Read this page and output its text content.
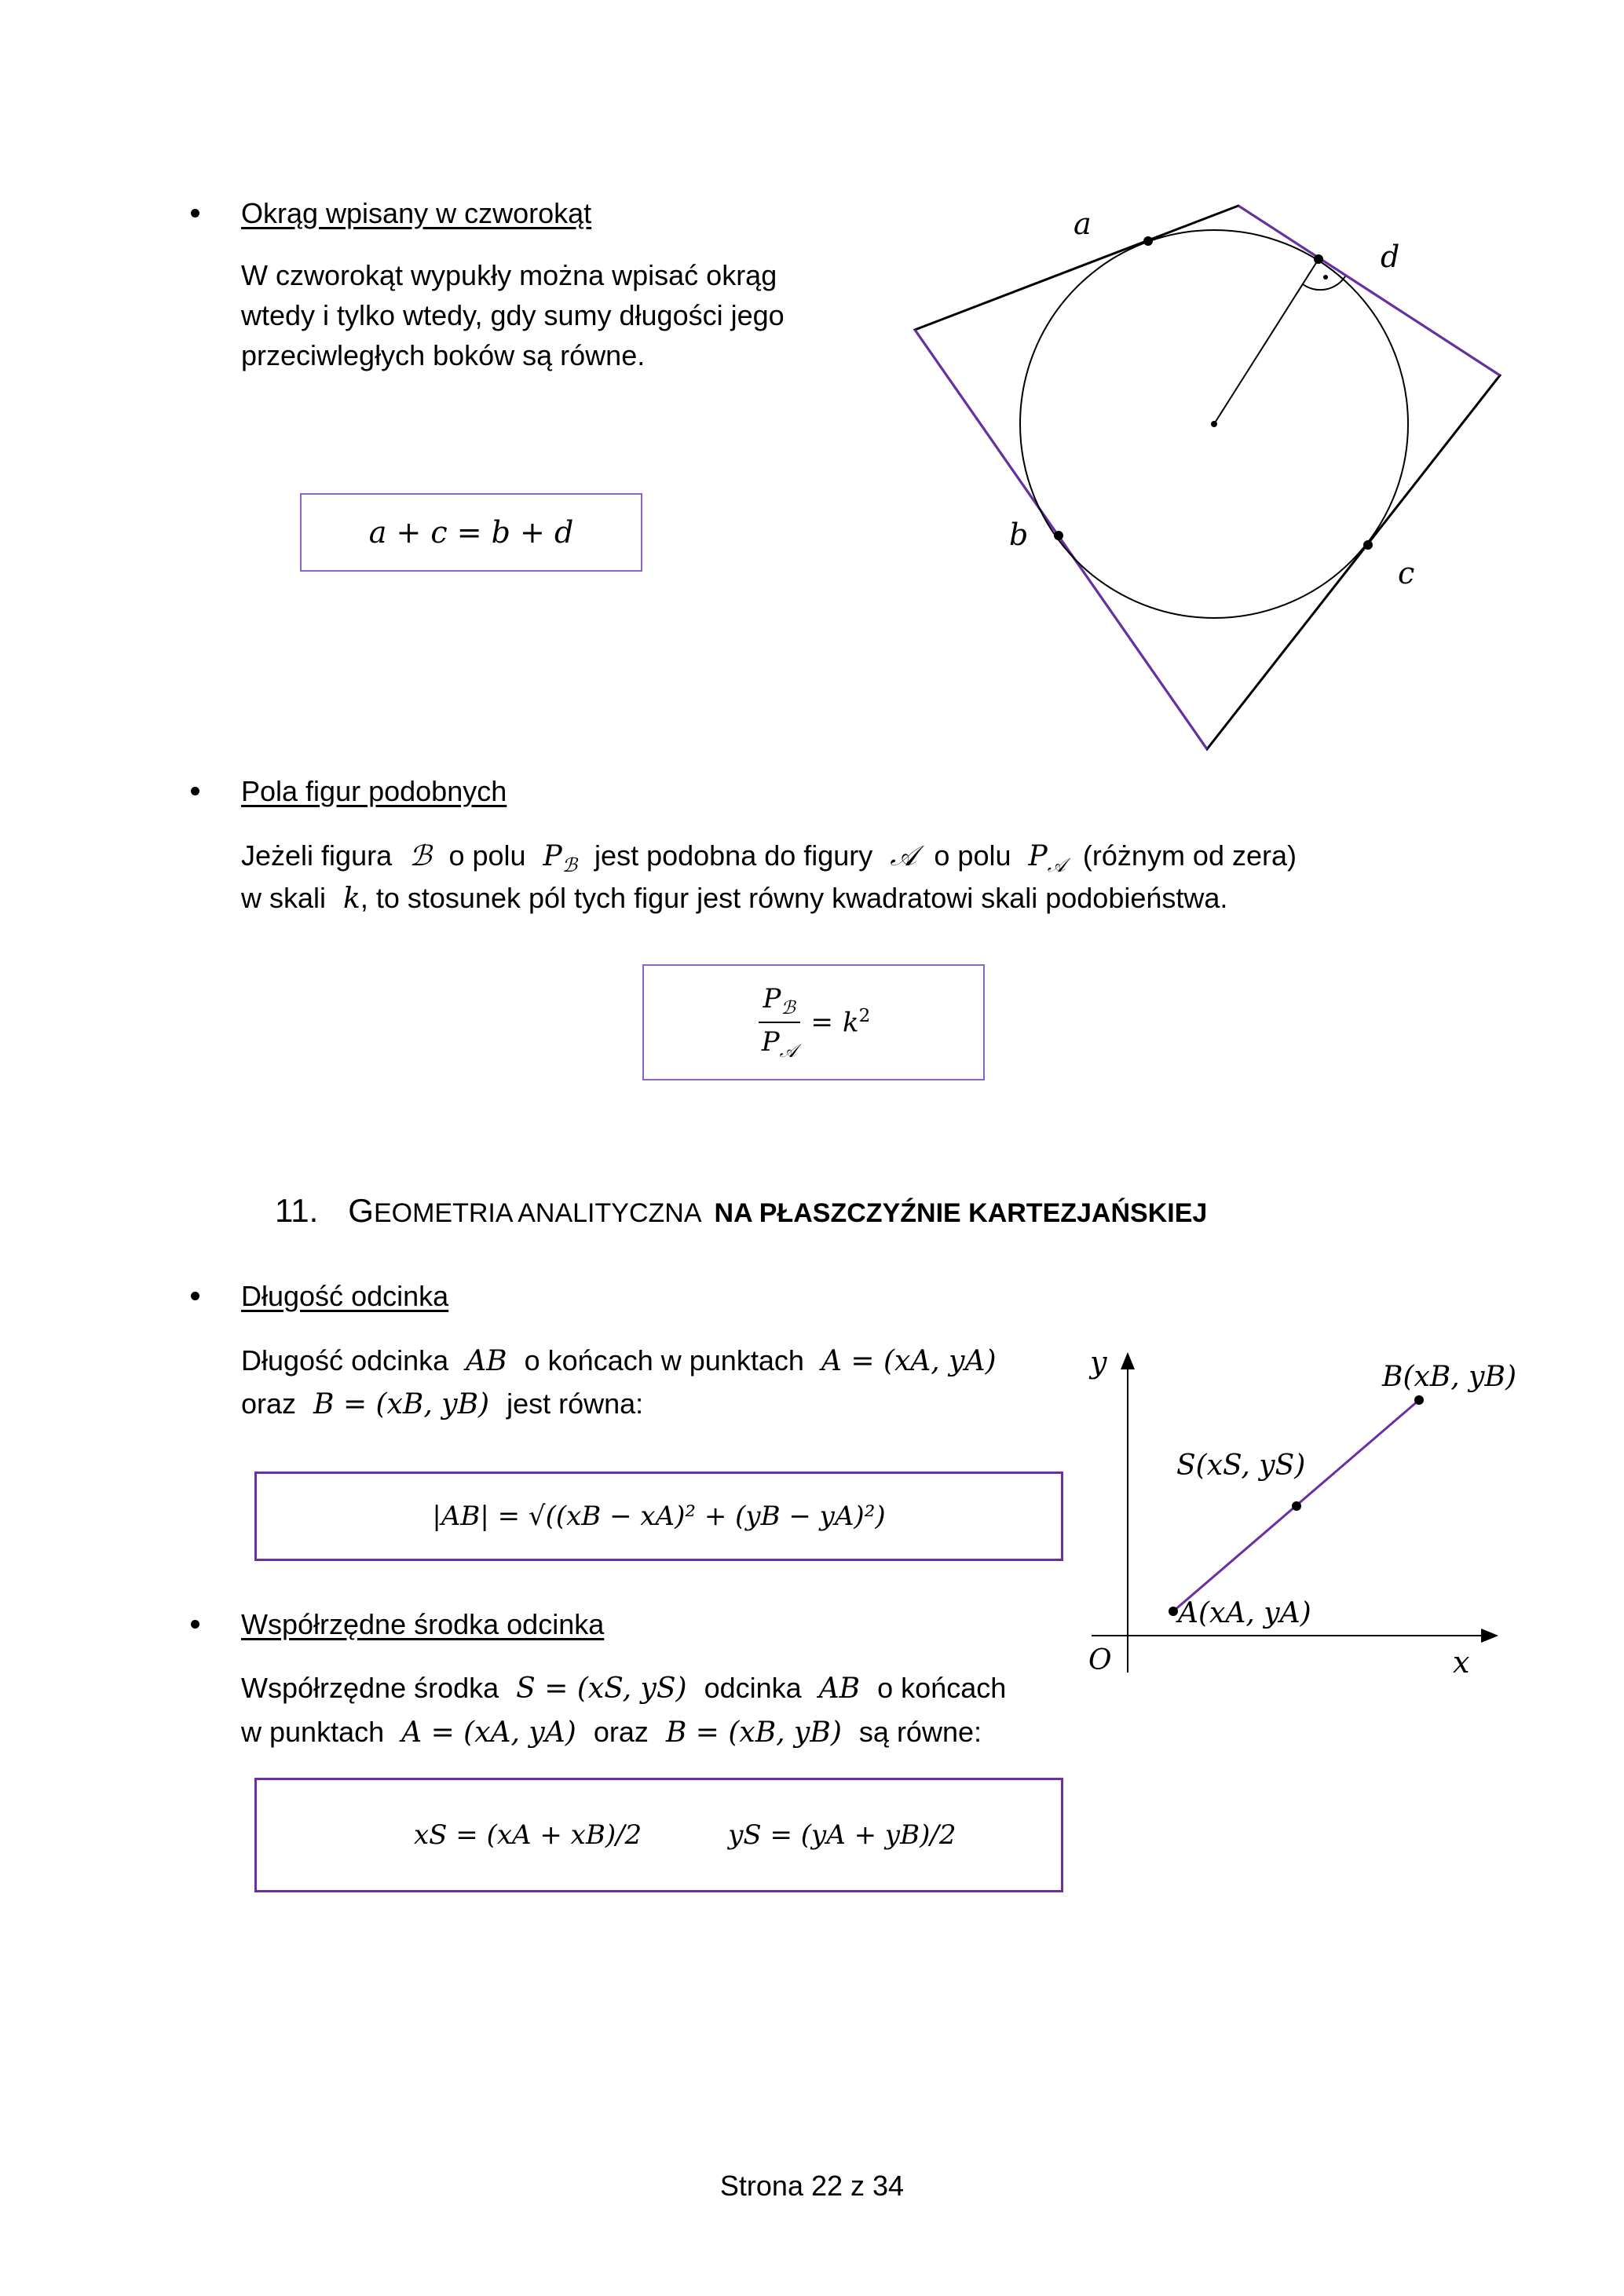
Okrąg wpisany w czworokąt
W czworokąt wypukły można wpisać okrąg
wtedy i tylko wtedy, gdy sumy długości jego
przeciwległych boków są równe.
a + c = b + d
a
d
b
c
Pola figur podobnych
Jeżeli figura ℬ o polu $P_ℬ$ jest podobna do figury 𝒜 o polu $P_𝒜$ (różnym od zera)
w skali k, to stosunek pól tych figur jest równy kwadratowi skali podobieństwa.
$\frac{P_ℬ}{P_𝒜} = k^2$
11. GEOMETRIA ANALITYCZNA NA PŁASZCZYŹNIE KARTEZJAŃSKIEJ
Długość odcinka
Długość odcinka AB o końcach w punktach A = (xA, yA)
oraz B = (xB, yB) jest równa:
|AB| = √((xB − xA)² + (yB − yA)²)
Współrzędne środka odcinka
Współrzędne środka S = (xS, yS) odcinka AB o końcach
w punktach A = (xA, yA) oraz B = (xB, yB) są równe:
xS = (xA + xB)/2	yS = (yA + yB)/2
y
x
O
A(xA, yA)
B(xB, yB)
S(xS, yS)
Strona 22 z 34
